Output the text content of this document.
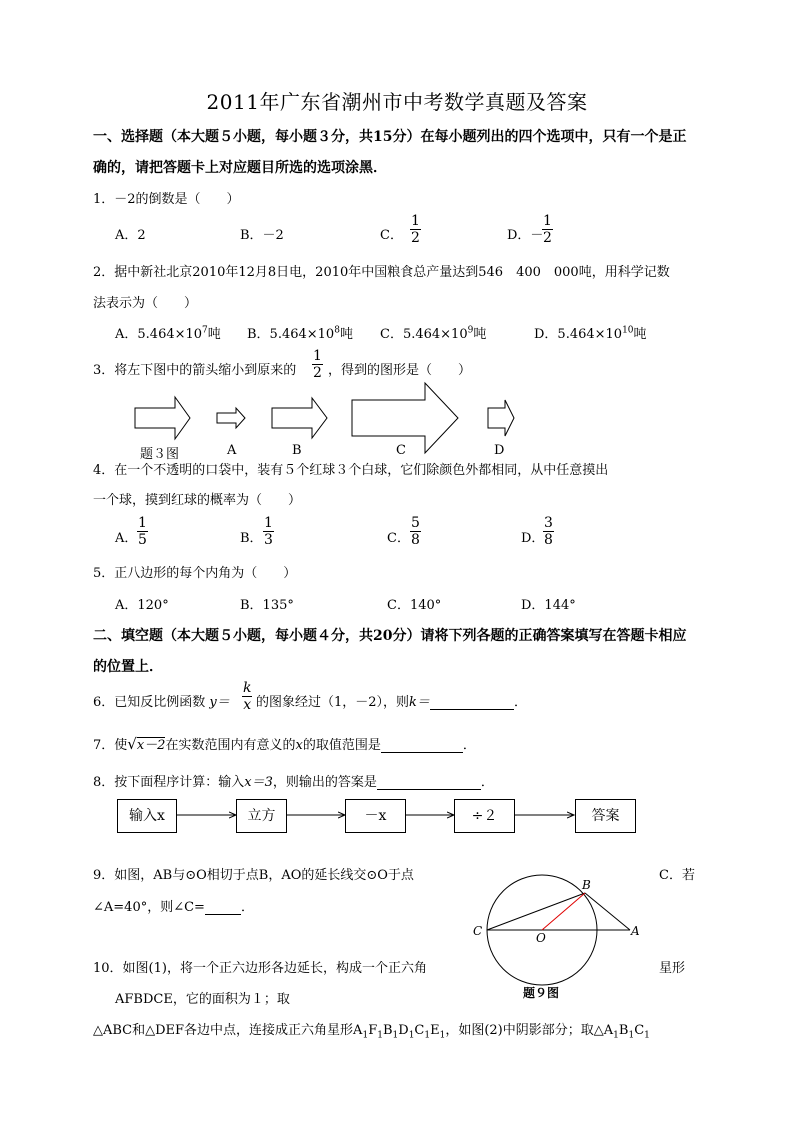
2011年广东省潮州市中考数学真题及答案
一、选择题（本大题５小题，每小题３分，共15分）在每小题列出的四个选项中，只有一个是正
确的，请把答题卡上对应题目所选的选项涂黑．
1．－2的倒数是（　　）
A．2	B．－2	C． $\frac{1}{2}$	D．－
$\frac{1}{2}$
2．据中新社北京2010年12月8日电，2010年中国粮食总产量达到546　400　000吨，用科学记数
法表示为（　　）
A．$5.464\times 10^7$吨 B．$5.464\times 10^8$吨 C．$5.464\times 10^9$吨	D．$5.464\times 10^{10}$吨
3．将左下图中的箭头缩小到原来的 $\frac{1}{2}$ ，得到的图形是（　　）
题３图	A	B	C	D
4．在一个不透明的口袋中，装有５个红球３个白球，它们除颜色外都相同，从中任意摸出
一个球，摸到红球的概率为（　　）
A． $\frac{1}{5}$	B． $\frac{1}{3}$	C． $\frac{5}{8}$	D．
$\frac{3}{8}$
5．正八边形的每个内角为（　　）
A．120°	B．135°	C．140°	D．144°
二、填空题（本大题５小题，每小题４分，共20分）请将下列各题的正确答案填写在答题卡相应
的位置上．
6．已知反比例函数 $y= \frac{k}{x}$ 的图象经过（1，－2），则k＝	．
7．使√x－2在实数范围内有意义的x的取值范围是	．
8．按下面程序计算：输入x＝3，则输出的答案是	．
输入x	立方	－x	÷２	答案
9．如图，AB与⊙O相切于点B，AO的延长线交⊙O于点	C．若
∠A=40°，则∠C=	．
B
C	O	A
题９图
10．如图(1)，将一个正六边形各边延长，构成一个正六角	星形
AFBDCE，它的面积为１；取
△ABC和△DEF各边中点，连接成正六角星形$A_1F_1B_1D_1C_1E_1$，如图(2)中阴影部分；取$\triangle A_1B_1C_1$
